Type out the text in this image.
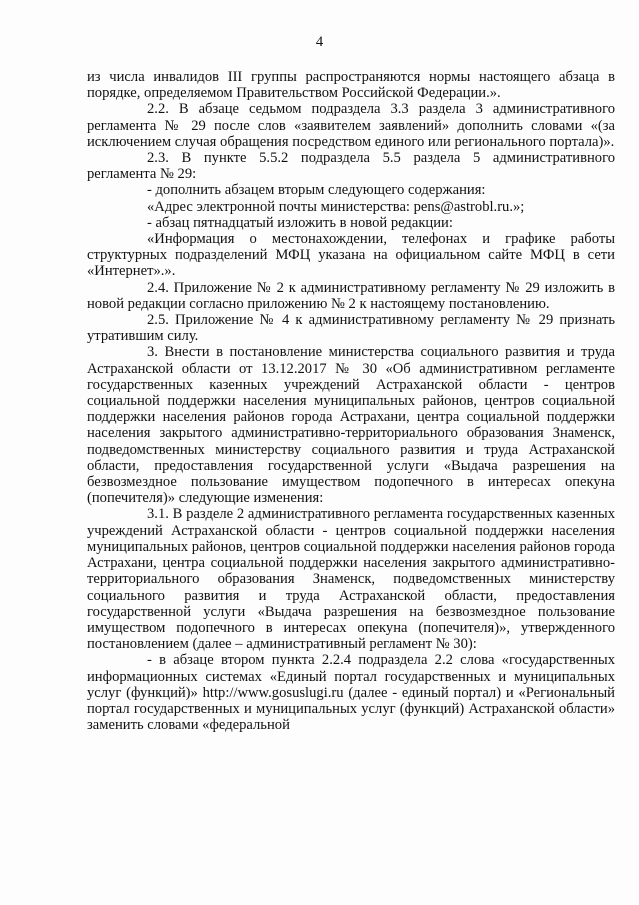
4

из числа инвалидов III группы распространяются нормы настоящего абзаца в порядке, определяемом Правительством Российской Федерации.».

2.2. В абзаце седьмом подраздела 3.3 раздела 3 административного регламента № 29 после слов «заявителем заявлений» дополнить словами «(за исключением случая обращения посредством единого или регионального портала)».

2.3. В пункте 5.5.2 подраздела 5.5 раздела 5 административного регламента № 29:

- дополнить абзацем вторым следующего содержания:

«Адрес электронной почты министерства: pens@astrobl.ru.»;

- абзац пятнадцатый изложить в новой редакции:

«Информация о местонахождении, телефонах и графике работы структурных подразделений МФЦ указана на официальном сайте МФЦ в сети «Интернет».».

2.4. Приложение № 2 к административному регламенту № 29 изложить в новой редакции согласно приложению № 2 к настоящему постановлению.

2.5. Приложение № 4 к административному регламенту № 29 признать утратившим силу.

3. Внести в постановление министерства социального развития и труда Астраханской области от 13.12.2017 № 30 «Об административном регламенте государственных казенных учреждений Астраханской области - центров социальной поддержки населения муниципальных районов, центров социальной поддержки населения районов города Астрахани, центра социальной поддержки населения закрытого административно-территориального образования Знаменск, подведомственных министерству социального развития и труда Астраханской области, предоставления государственной услуги «Выдача разрешения на безвозмездное пользование имуществом подопечного в интересах опекуна (попечителя)» следующие изменения:

3.1. В разделе 2 административного регламента государственных казенных учреждений Астраханской области - центров социальной поддержки населения муниципальных районов, центров социальной поддержки населения районов города Астрахани, центра социальной поддержки населения закрытого административно-территориального образования Знаменск, подведомственных министерству социального развития и труда Астраханской области, предоставления государственной услуги «Выдача разрешения на безвозмездное пользование имуществом подопечного в интересах опекуна (попечителя)», утвержденного постановлением (далее – административный регламент № 30):

- в абзаце втором пункта 2.2.4 подраздела 2.2 слова «государственных информационных системах «Единый портал государственных и муниципальных услуг (функций)» http://www.gosuslugi.ru (далее - единый портал) и «Региональный портал государственных и муниципальных услуг (функций) Астраханской области» заменить словами «федеральной
